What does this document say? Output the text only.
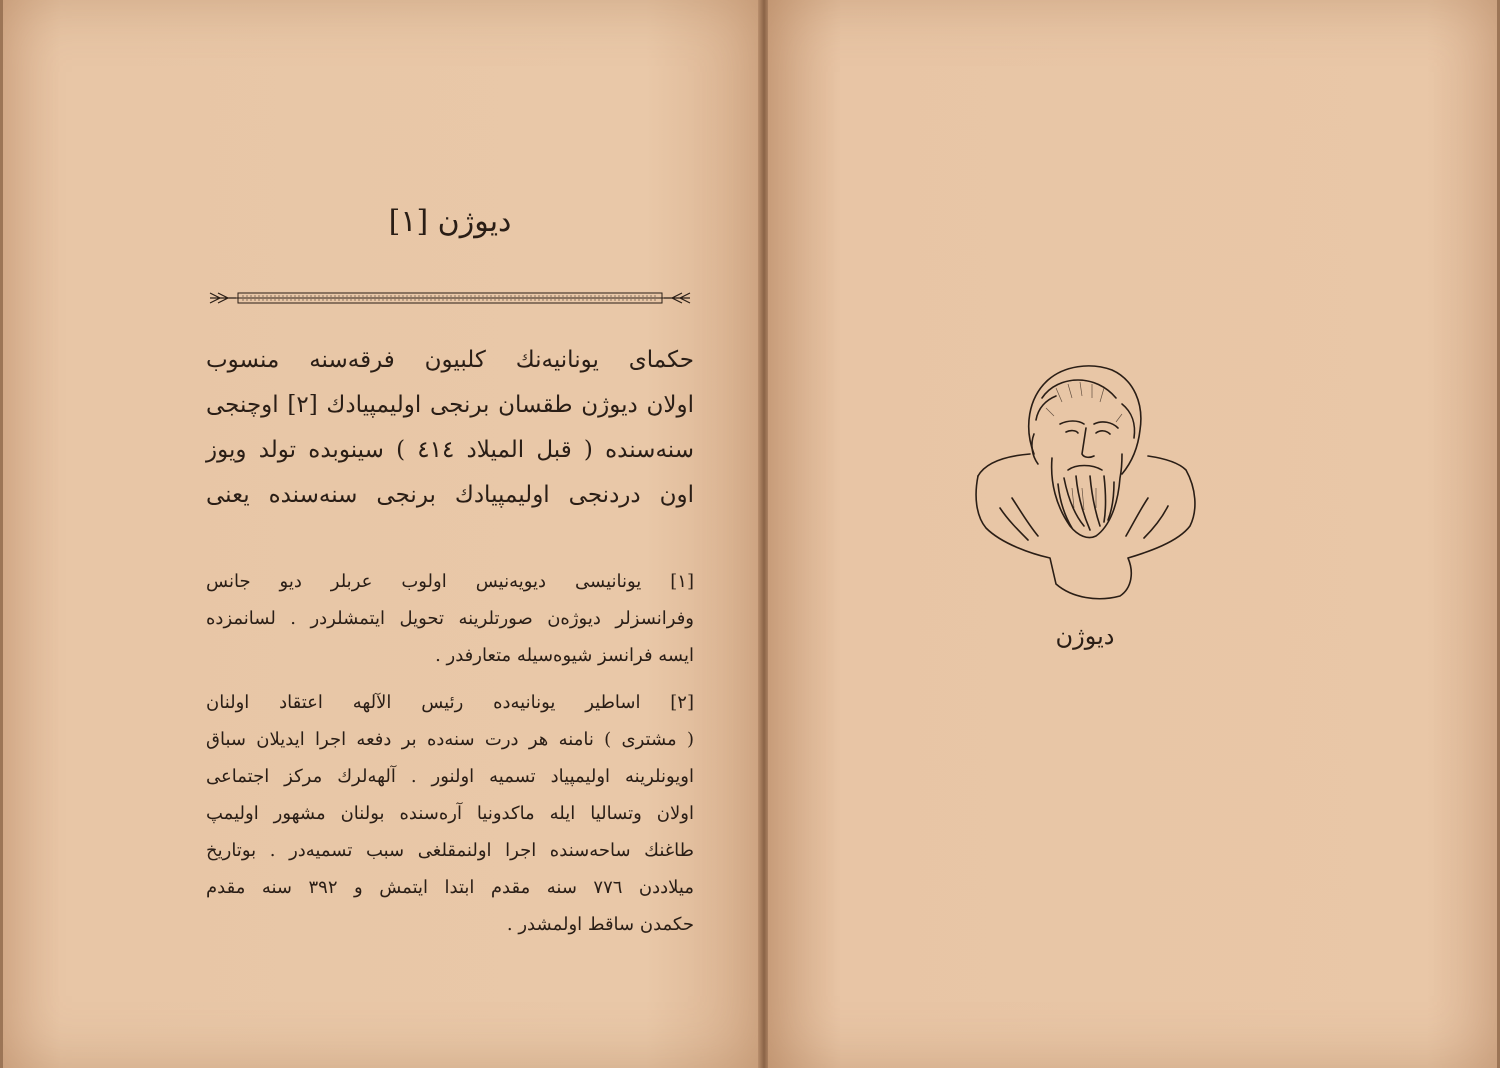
دیوژن [۱]
حکمای یونانیه‌نك کلبیون فرقه‌سنه منسوب
اولان دیوژن طقسان برنجی اولیمپیادك [۲] اوچنجی
سنه‌سنده ( قبل المیلاد ٤١٤ ) سینوبده تولد ویوز
اون دردنجی اولیمپیادك برنجی سنه‌سنده یعنی
[۱] یونانیسی دیویه‌نیس اولوب عربلر دیو جانس
وفرانسزلر دیوژه‌ن صورتلرینه تحویل ایتمشلردر . لسانمزده
ایسه فرانسز شیوه‌سیله متعارفدر .
[۲] اساطیر یونانیه‌ده رئیس الآلهه اعتقاد اولنان
( مشتری ) نامنه هر درت سنه‌ده بر دفعه اجرا ایدیلان سباق
اویونلرینه اولیمپیاد تسمیه اولنور . آلهه‌لرك مرکز اجتماعی
اولان وتسالیا ایله ماکدونیا آره‌سنده بولنان مشهور اولیمپ
طاغنك ساحه‌سنده اجرا اولنمقلغی سبب تسمیه‌در . بوتاریخ
میلاددن ۷۷٦ سنه مقدم ابتدا ایتمش و ۳۹۲ سنه مقدم
حکمدن ساقط اولمشدر .
دیوژن
